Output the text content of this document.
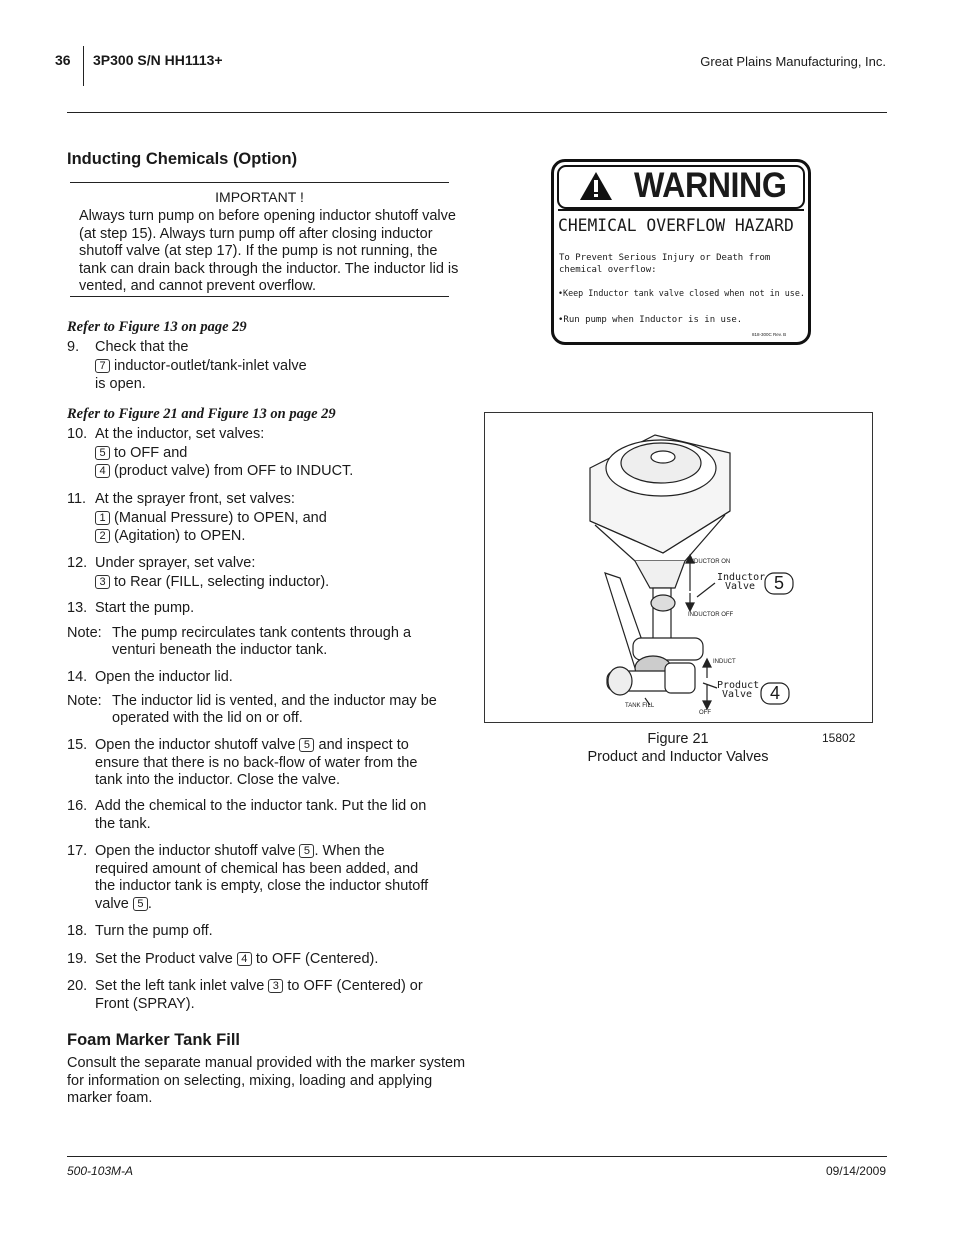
36 3P300 S/N HH1113+	Great Plains Manufacturing, Inc.
Inducting Chemicals (Option)
IMPORTANT !
Always turn pump on before opening inductor shutoff valve (at step 15). Always turn pump off after closing inductor shutoff valve (at step 17). If the pump is not running, the tank can drain back through the inductor. The inductor lid is vented, and cannot prevent overflow.
Refer to Figure 13 on page 29
9. Check that the
7 inductor-outlet/tank-inlet valve
is open.
Refer to Figure 21 and Figure 13 on page 29
10. At the inductor, set valves:
5 to OFF and
4 (product valve) from OFF to INDUCT.
11. At the sprayer front, set valves:
1 (Manual Pressure) to OPEN, and
2 (Agitation) to OPEN.
12. Under sprayer, set valve:
3 to Rear (FILL, selecting inductor).
13. Start the pump.
Note: The pump recirculates tank contents through a
venturi beneath the inductor tank.
14. Open the inductor lid.
Note: The inductor lid is vented, and the inductor may be
operated with the lid on or off.
15. Open the inductor shutoff valve 5 and inspect to
ensure that there is no back-flow of water from the
tank into the inductor. Close the valve.
16. Add the chemical to the inductor tank. Put the lid on
the tank.
17. Open the inductor shutoff valve 5 . When the
required amount of chemical has been added, and
the inductor tank is empty, close the inductor shutoff
valve 5 .
18. Turn the pump off.
19. Set the Product valve 4 to OFF (Centered).
20. Set the left tank inlet valve 3 to OFF (Centered) or
Front (SPRAY).
Foam Marker Tank Fill
Consult the separate manual provided with the marker system for information on selecting, mixing, loading and applying marker foam.
WARNING
CHEMICAL OVERFLOW HAZARD
To Prevent Serious Injury or Death from chemical overflow:
•Keep Inductor tank valve closed when not in use.
•Run pump when Inductor is in use.
818-300C Rev. B
INDUCTOR ON
Inductor Valve
INDUCTOR OFF
5
INDUCT
Product Valve 4
TANK FILL
OFF
Figure 21
Product and Inductor Valves
15802
500-103M-A	09/14/2009
